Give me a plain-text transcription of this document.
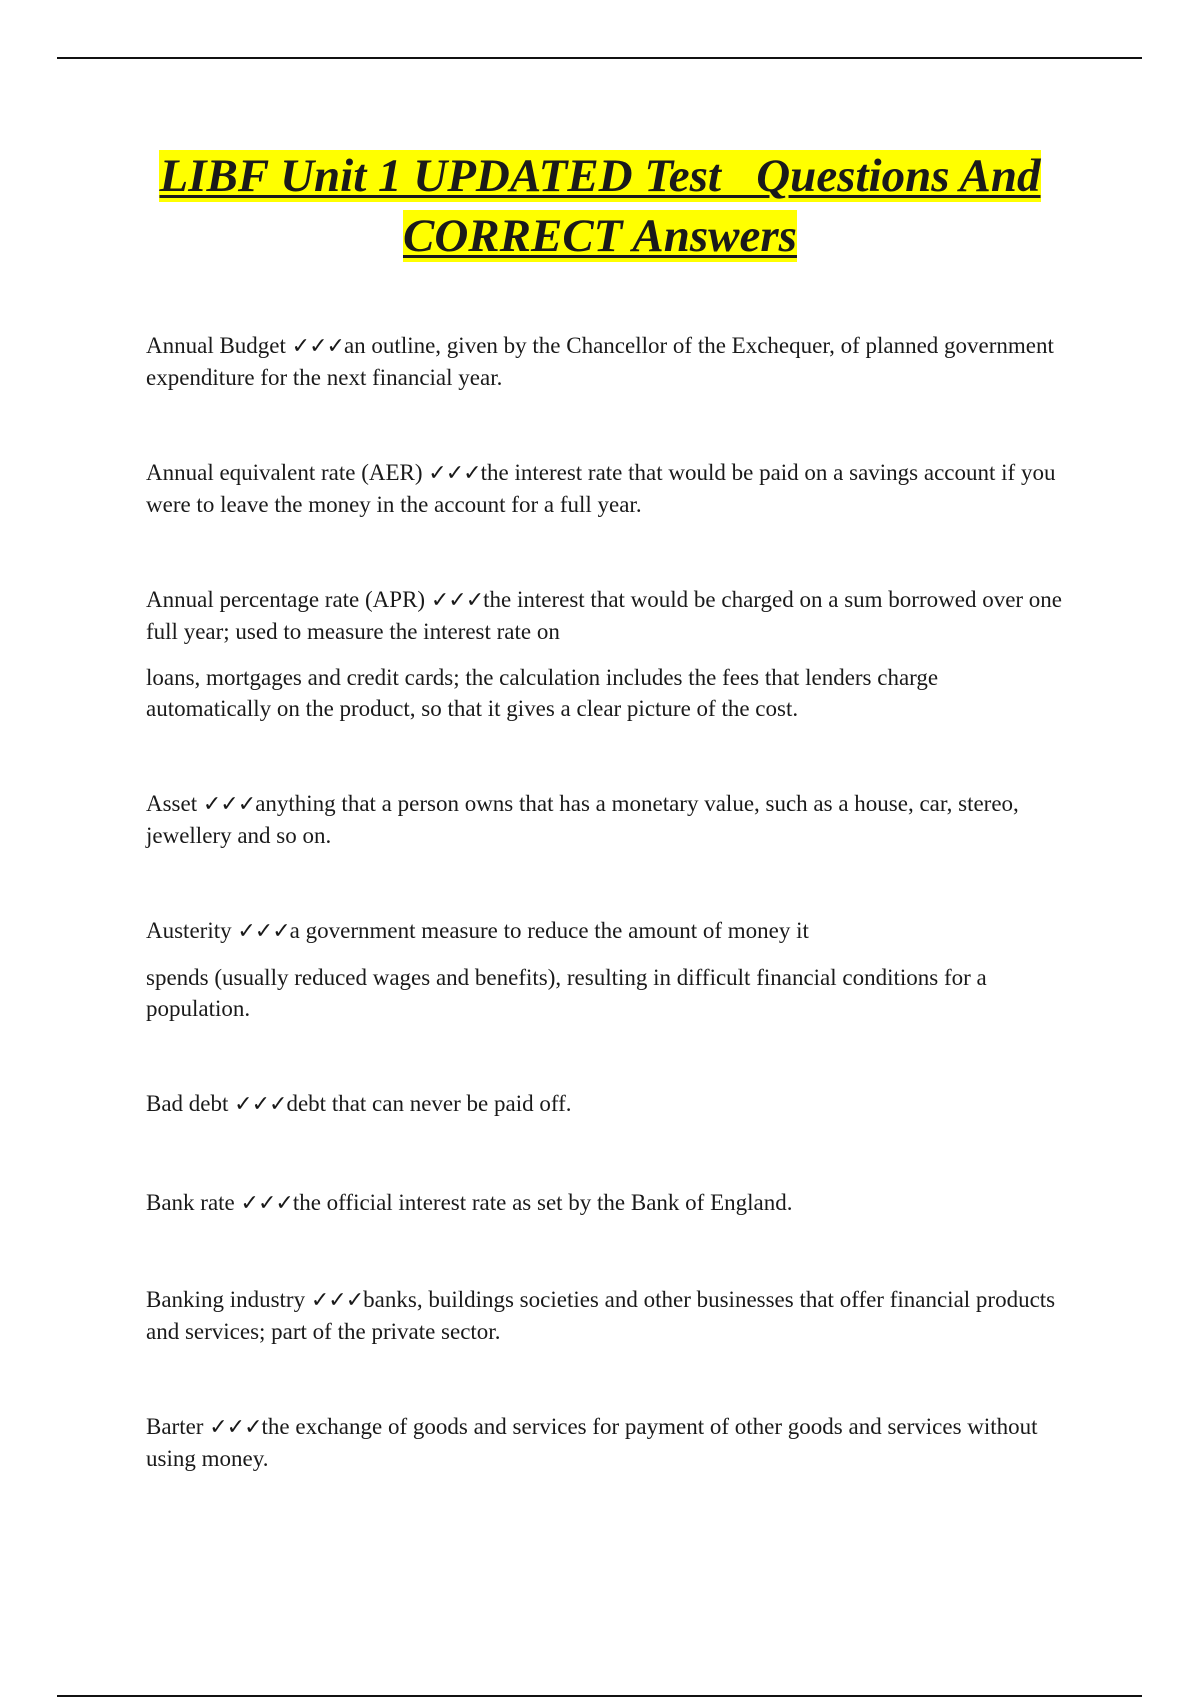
LIBF Unit 1 UPDATED Test   Questions And
CORRECT Answers

Annual Budget ✓✓✓an outline, given by the Chancellor of the Exchequer, of planned government expenditure for the next financial year.

Annual equivalent rate (AER) ✓✓✓the interest rate that would be paid on a savings account if you were to leave the money in the account for a full year.

Annual percentage rate (APR) ✓✓✓the interest that would be charged on a sum borrowed over one full year; used to measure the interest rate on

loans, mortgages and credit cards; the calculation includes the fees that lenders charge automatically on the product, so that it gives a clear picture of the cost.

Asset ✓✓✓anything that a person owns that has a monetary value, such as a house, car, stereo, jewellery and so on.

Austerity ✓✓✓a government measure to reduce the amount of money it

spends (usually reduced wages and benefits), resulting in difficult financial conditions for a population.

Bad debt ✓✓✓debt that can never be paid off.

Bank rate ✓✓✓the official interest rate as set by the Bank of England.

Banking industry ✓✓✓banks, buildings societies and other businesses that offer financial products and services; part of the private sector.

Barter ✓✓✓the exchange of goods and services for payment of other goods and services without using money.
